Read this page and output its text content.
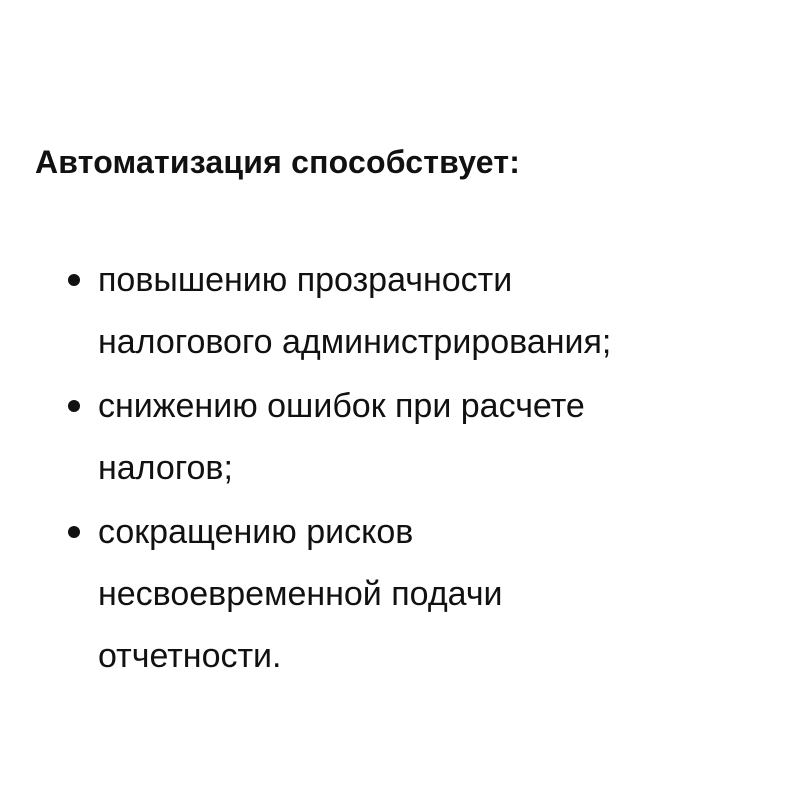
Автоматизация способствует:
повышению прозрачности
налогового администрирования;
снижению ошибок при расчете
налогов;
сокращению рисков
несвоевременной подачи
отчетности.
